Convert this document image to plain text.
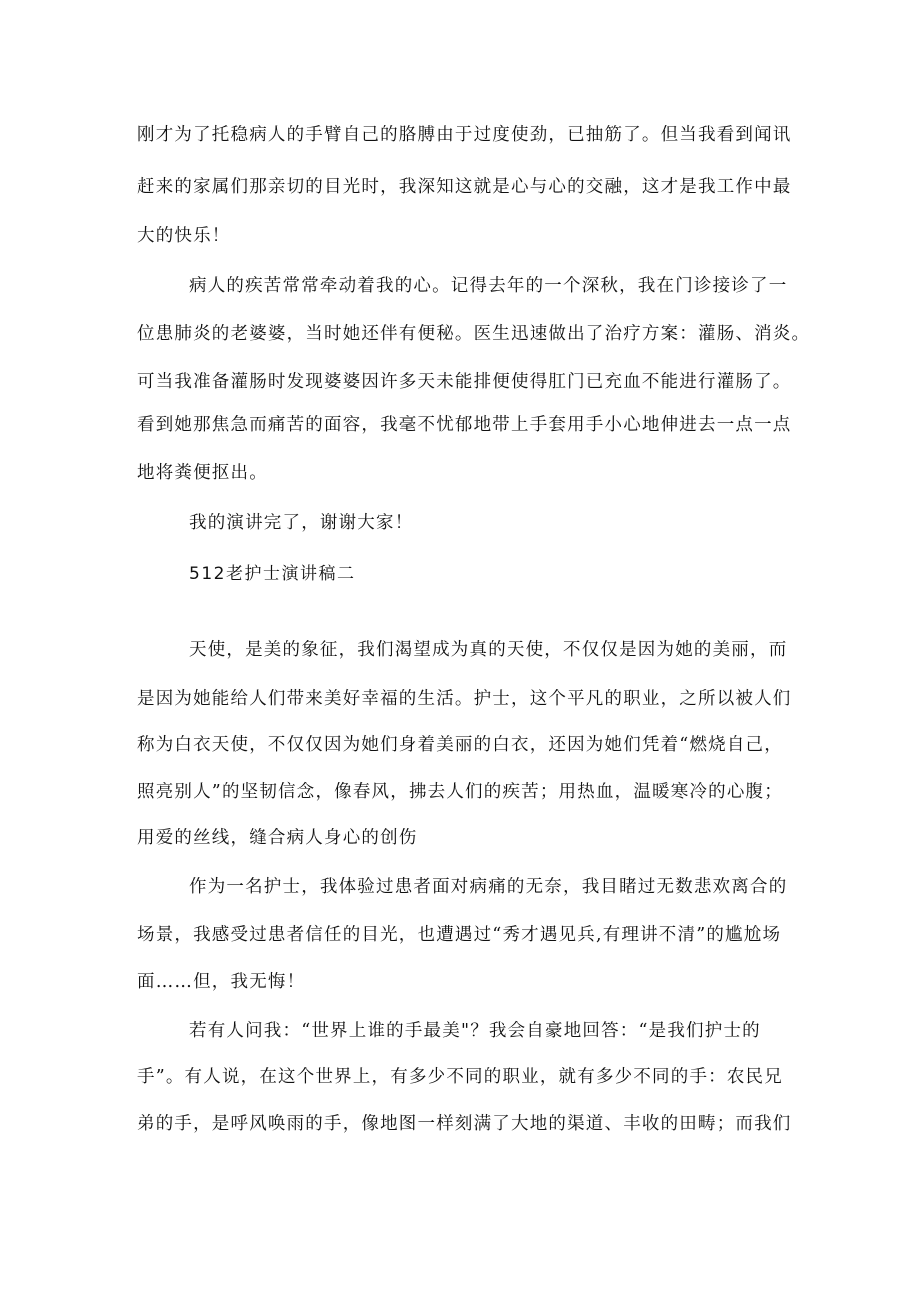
刚才为了托稳病人的手臂自己的胳膊由于过度使劲，已抽筋了。但当我看到闻讯
赶来的家属们那亲切的目光时，我深知这就是心与心的交融，这才是我工作中最
大的快乐！
病人的疾苦常常牵动着我的心。记得去年的一个深秋，我在门诊接诊了一
位患肺炎的老婆婆，当时她还伴有便秘。医生迅速做出了治疗方案：灌肠、消炎。
可当我准备灌肠时发现婆婆因许多天未能排便使得肛门已充血不能进行灌肠了。
看到她那焦急而痛苦的面容，我毫不忧郁地带上手套用手小心地伸进去一点一点
地将粪便抠出。
我的演讲完了，谢谢大家！
512老护士演讲稿二
天使，是美的象征，我们渴望成为真的天使，不仅仅是因为她的美丽，而
是因为她能给人们带来美好幸福的生活。护士，这个平凡的职业，之所以被人们
称为白衣天使，不仅仅因为她们身着美丽的白衣，还因为她们凭着“燃烧自己，
照亮别人”的坚韧信念，像春风，拂去人们的疾苦；用热血，温暖寒冷的心腹；
用爱的丝线，缝合病人身心的创伤
作为一名护士，我体验过患者面对病痛的无奈，我目睹过无数悲欢离合的
场景，我感受过患者信任的目光，也遭遇过“秀才遇见兵,有理讲不清”的尴尬场
面……但，我无悔！
若有人问我：“世界上谁的手最美"？我会自豪地回答：“是我们护士的
手”。有人说，在这个世界上，有多少不同的职业，就有多少不同的手：农民兄
弟的手，是呼风唤雨的手，像地图一样刻满了大地的渠道、丰收的田畴；而我们
